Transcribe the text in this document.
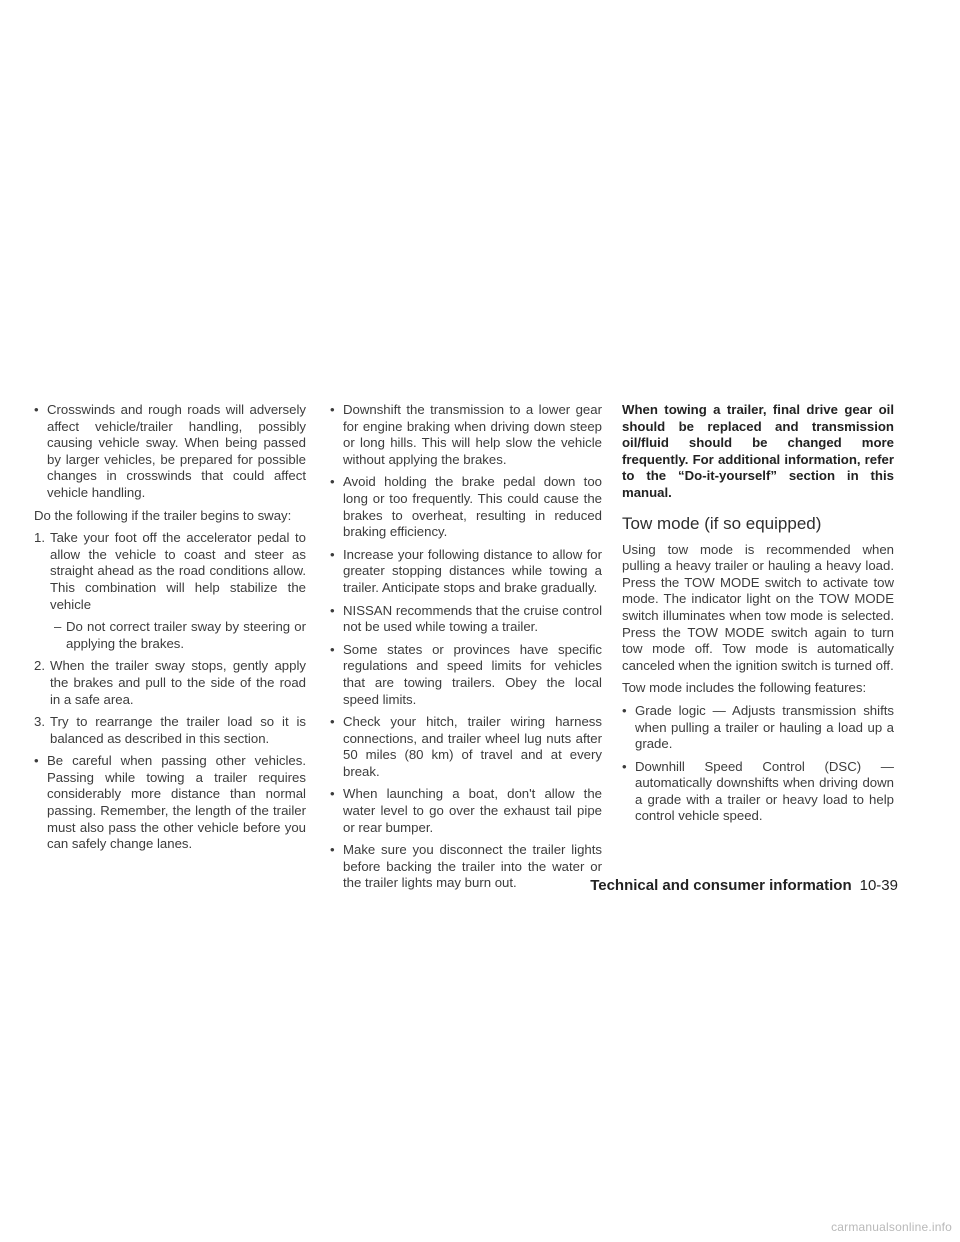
• Crosswinds and rough roads will adversely affect vehicle/trailer handling, possibly causing vehicle sway. When being passed by larger vehicles, be prepared for possible changes in crosswinds that could affect vehicle handling.

Do the following if the trailer begins to sway:

1. Take your foot off the accelerator pedal to allow the vehicle to coast and steer as straight ahead as the road conditions allow. This combination will help stabilize the vehicle
– Do not correct trailer sway by steering or applying the brakes.
2. When the trailer sway stops, gently apply the brakes and pull to the side of the road in a safe area.
3. Try to rearrange the trailer load so it is balanced as described in this section.
• Be careful when passing other vehicles. Passing while towing a trailer requires considerably more distance than normal passing. Remember, the length of the trailer must also pass the other vehicle before you can safely change lanes.
• Downshift the transmission to a lower gear for engine braking when driving down steep or long hills. This will help slow the vehicle without applying the brakes.
• Avoid holding the brake pedal down too long or too frequently. This could cause the brakes to overheat, resulting in reduced braking efficiency.
• Increase your following distance to allow for greater stopping distances while towing a trailer. Anticipate stops and brake gradually.
• NISSAN recommends that the cruise control not be used while towing a trailer.
• Some states or provinces have specific regulations and speed limits for vehicles that are towing trailers. Obey the local speed limits.
• Check your hitch, trailer wiring harness connections, and trailer wheel lug nuts after 50 miles (80 km) of travel and at every break.
• When launching a boat, don't allow the water level to go over the exhaust tail pipe or rear bumper.
• Make sure you disconnect the trailer lights before backing the trailer into the water or the trailer lights may burn out.

When towing a trailer, final drive gear oil should be replaced and transmission oil/fluid should be changed more frequently. For additional information, refer to the “Do-it-yourself” section in this manual.

Tow mode (if so equipped)

Using tow mode is recommended when pulling a heavy trailer or hauling a heavy load. Press the TOW MODE switch to activate tow mode. The indicator light on the TOW MODE switch illuminates when tow mode is selected. Press the TOW MODE switch again to turn tow mode off. Tow mode is automatically canceled when the ignition switch is turned off.

Tow mode includes the following features:

• Grade logic — Adjusts transmission shifts when pulling a trailer or hauling a load up a grade.
• Downhill Speed Control (DSC) — automatically downshifts when driving down a grade with a trailer or heavy load to help control vehicle speed.
Technical and consumer information 10-39
carmanualsonline.info
